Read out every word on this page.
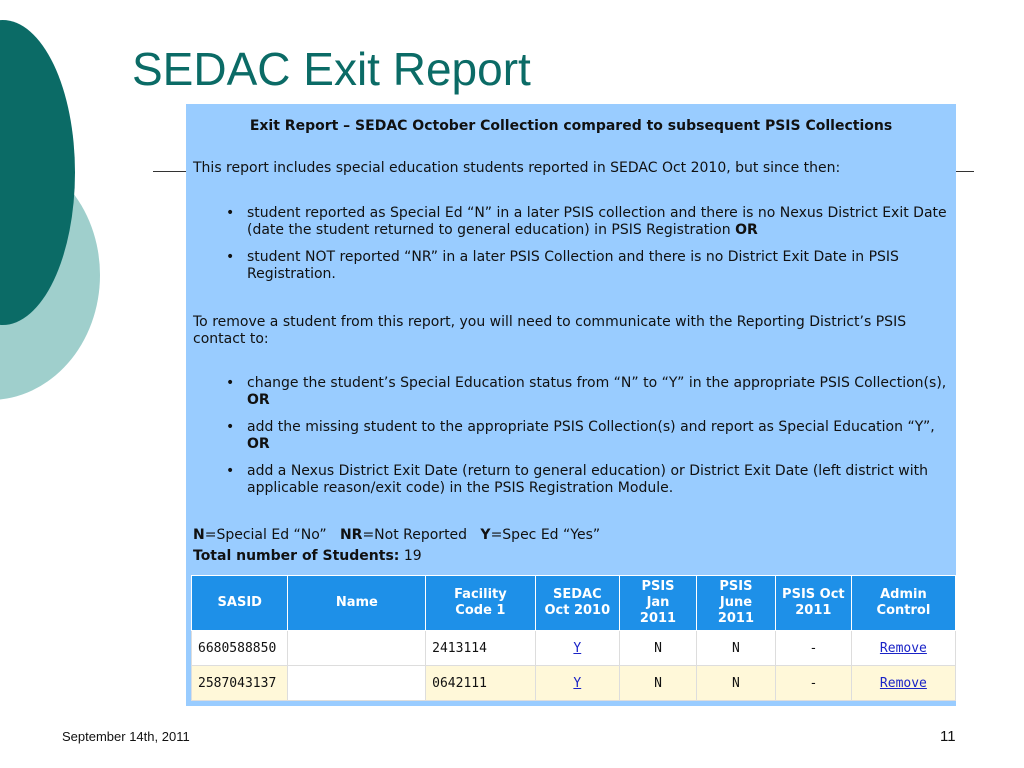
SEDAC Exit Report
Exit Report – SEDAC October Collection compared to subsequent PSIS Collections
This report includes special education students reported in SEDAC Oct 2010, but since then:
• student reported as Special Ed “N” in a later PSIS collection and there is no Nexus District Exit Date (date the student returned to general education) in PSIS Registration OR
• student NOT reported “NR” in a later PSIS Collection and there is no District Exit Date in PSIS Registration.
To remove a student from this report, you will need to communicate with the Reporting District’s PSIS contact to:
• change the student’s Special Education status from “N” to “Y” in the appropriate PSIS Collection(s), OR
• add the missing student to the appropriate PSIS Collection(s) and report as Special Education “Y”, OR
• add a Nexus District Exit Date (return to general education) or District Exit Date (left district with applicable reason/exit code) in the PSIS Registration Module.
N=Special Ed “No” NR=Not Reported Y=Spec Ed “Yes”
Total number of Students: 19
SASID	Name	Facility Code 1	SEDAC Oct 2010	PSIS Jan 2011	PSIS June 2011	PSIS Oct 2011	Admin Control
6680588850		2413114	Y	N	N	-	Remove
2587043137		0642111	Y	N	N	-	Remove
September 14th, 2011	11
